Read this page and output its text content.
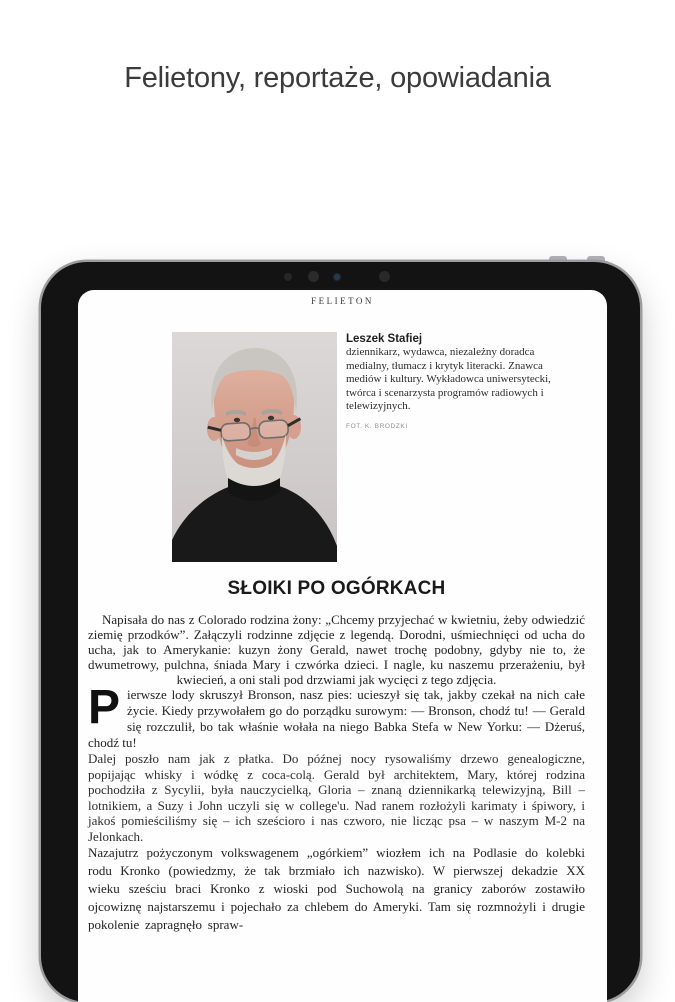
Felietony, reportaże, opowiadania
FELIETON
Leszek Stafiej
dziennikarz, wydawca, niezależny doradca medialny, tłumacz i krytyk literacki. Znawca mediów i kultury. Wykładowca uniwersytecki, twórca i scenarzysta programów radiowych i telewizyjnych.
FOT. K. BRODZKI
SŁOIKI PO OGÓRKACH

Napisała do nas z Colorado rodzina żony: „Chcemy przyjechać w kwietniu, żeby odwiedzić ziemię przodków”. Załączyli rodzinne zdjęcie z legendą. Dorodni, uśmiechnięci od ucha do ucha, jak to Amerykanie: kuzyn żony Gerald, nawet trochę podobny, gdyby nie to, że dwumetrowy, pulchna, śniada Mary i czwórka dzieci. I nagle, ku naszemu przerażeniu, był kwiecień, a oni stali pod drzwiami jak wycięci z tego zdjęcia.

Pierwsze lody skruszył Bronson, nasz pies: ucieszył się tak, jakby czekał na nich całe życie. Kiedy przywołałem go do porządku surowym: — Bronson, chodź tu! — Gerald się rozczulił, bo tak właśnie wołała na niego Babka Stefa w New Yorku: — Dżeruś, chodź tu!

Dalej poszło nam jak z płatka. Do późnej nocy rysowaliśmy drzewo genealogiczne, popijając whisky i wódkę z coca-colą. Gerald był architektem, Mary, której rodzina pochodziła z Sycylii, była nauczycielką, Gloria – znaną dziennikarką telewizyjną, Bill – lotnikiem, a Suzy i John uczyli się w college'u. Nad ranem rozłożyli karimaty i śpiwory, i jakoś pomieściliśmy się – ich sześcioro i nas czworo, nie licząc psa – w naszym M-2 na Jelonkach.

Nazajutrz pożyczonym volkswagenem „ogórkiem” wiozłem ich na Podlasie do kolebki rodu Kronko (powiedzmy, że tak brzmiało ich nazwisko). W pierwszej dekadzie XX wieku sześciu braci Kronko z wioski pod Suchowolą na granicy zaborów zostawiło ojcowiznę najstarszemu i pojechało za chlebem do Ameryki. Tam się rozmnożyli i drugie pokolenie zapragnęło spraw-
